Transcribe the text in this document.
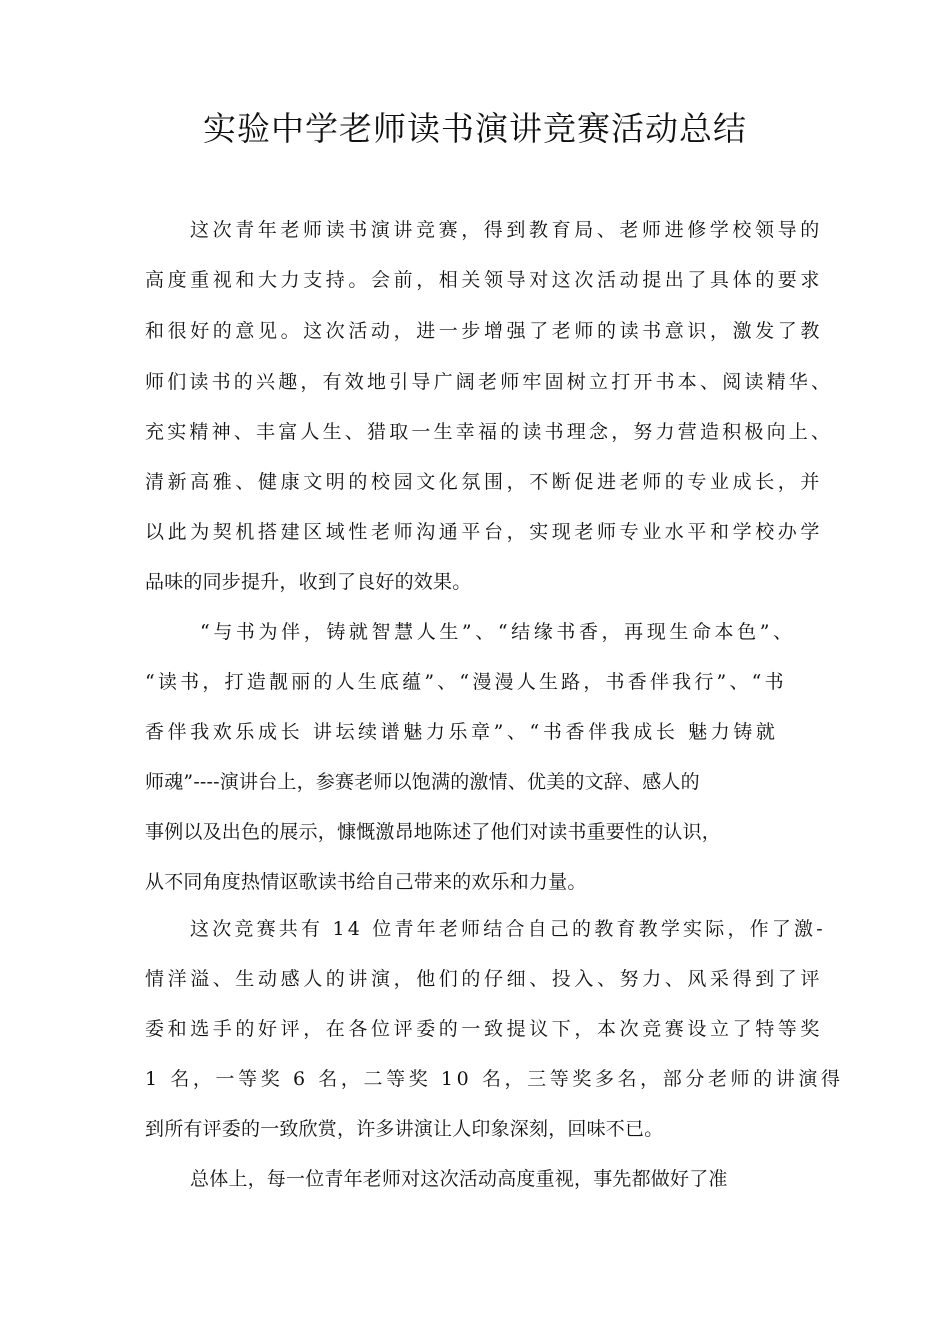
实验中学老师读书演讲竞赛活动总结
这次青年老师读书演讲竞赛，得到教育局、老师进修学校领导的
高度重视和大力支持。会前，相关领导对这次活动提出了具体的要求
和很好的意见。这次活动，进一步增强了老师的读书意识，激发了教
师们读书的兴趣，有效地引导广阔老师牢固树立打开书本、阅读精华、
充实精神、丰富人生、猎取一生幸福的读书理念，努力营造积极向上、
清新高雅、健康文明的校园文化氛围，不断促进老师的专业成长，并
以此为契机搭建区域性老师沟通平台，实现老师专业水平和学校办学
品味的同步提升，收到了良好的效果。
“与书为伴，铸就智慧人生”、“结缘书香，再现生命本色”、
“读书，打造靓丽的人生底蕴”、“漫漫人生路，书香伴我行”、“书
香伴我欢乐成长 讲坛续谱魅力乐章”、“书香伴我成长 魅力铸就
师魂”----演讲台上，参赛老师以饱满的激情、优美的文辞、感人的
事例以及出色的展示，慷慨激昂地陈述了他们对读书重要性的认识，
从不同角度热情讴歌读书给自己带来的欢乐和力量。
这次竞赛共有 14 位青年老师结合自己的教育教学实际，作了激-
情洋溢、生动感人的讲演，他们的仔细、投入、努力、风采得到了评
委和选手的好评，在各位评委的一致提议下，本次竞赛设立了特等奖
1 名，一等奖 6 名，二等奖 10 名，三等奖多名，部分老师的讲演得
到所有评委的一致欣赏，许多讲演让人印象深刻，回味不已。
总体上，每一位青年老师对这次活动高度重视，事先都做好了准
